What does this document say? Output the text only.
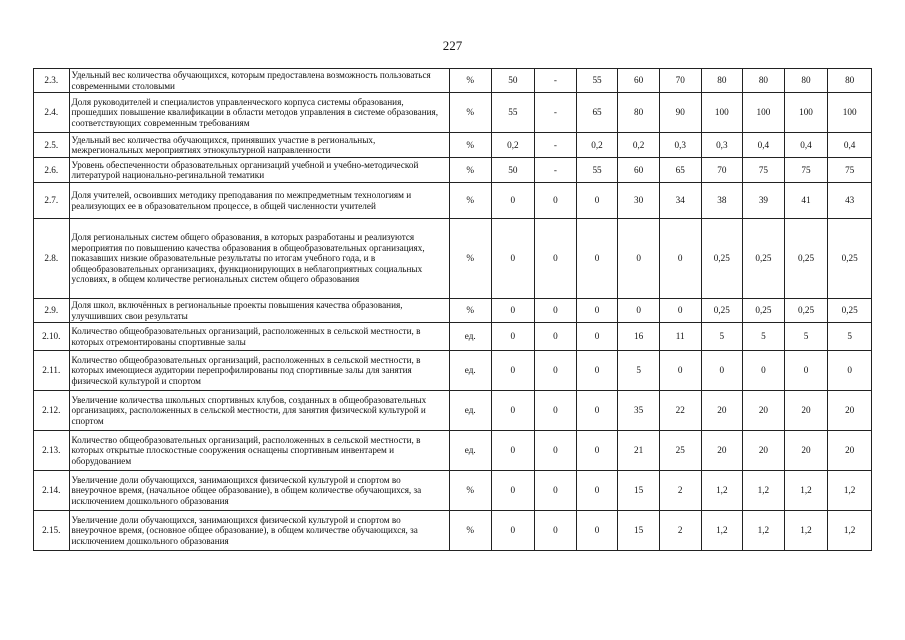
227
2.3.	Удельный вес количества обучающихся, которым предоставлена возможность пользоваться современными столовыми	%	50	-	55	60	70	80	80	80	80
2.4.	Доля руководителей и специалистов управленческого корпуса системы образования, прошедших повышение квалификации в области методов управления в системе образования, соответствующих современным требованиям	%	55	-	65	80	90	100	100	100	100
2.5.	Удельный вес количества обучающихся, принявших участие в региональных, межрегиональных мероприятиях этнокультурной направленности	%	0,2	-	0,2	0,2	0,3	0,3	0,4	0,4	0,4
2.6.	Уровень обеспеченности образовательных организаций учебной и учебно-методической литературой национально-регинальной тематики	%	50	-	55	60	65	70	75	75	75
2.7.	Доля учителей, освоивших методику преподавания по межпредметным технологиям и реализующих ее в образовательном процессе, в общей численности учителей	%	0	0	0	30	34	38	39	41	43
2.8.	Доля региональных систем общего образования, в которых разработаны и реализуются мероприятия по повышению качества образования в общеобразовательных организациях, показавших низкие образовательные результаты по итогам учебного года, и в общеобразовательных организациях, функционирующих в неблагоприятных социальных условиях, в общем количестве региональных систем общего образования	%	0	0	0	0	0	0,25	0,25	0,25	0,25
2.9.	Доля школ, включённых в региональные проекты повышения качества образования, улучшивших свои результаты	%	0	0	0	0	0	0,25	0,25	0,25	0,25
2.10.	Количество общеобразовательных организаций, расположенных в сельской местности, в которых отремонтированы спортивные залы	ед.	0	0	0	16	11	5	5	5	5
2.11.	Количество общеобразовательных организаций, расположенных в сельской местности, в которых имеющиеся аудитории перепрофилированы под спортивные залы для занятия физической культурой и спортом	ед.	0	0	0	5	0	0	0	0	0
2.12.	Увеличение количества школьных спортивных клубов, созданных в общеобразовательных организациях, расположенных в сельской местности, для занятия физической культурой и спортом	ед.	0	0	0	35	22	20	20	20	20
2.13.	Количество общеобразовательных организаций, расположенных в сельской местности, в которых открытые плоскостные сооружения оснащены спортивным инвентарем и оборудованием	ед.	0	0	0	21	25	20	20	20	20
2.14.	Увеличение доли обучающихся, занимающихся физической культурой и спортом во внеурочное время, (начальное общее образование), в общем количестве обучающихся, за исключением дошкольного образования	%	0	0	0	15	2	1,2	1,2	1,2	1,2
2.15.	Увеличение доли обучающихся, занимающихся физической культурой и спортом во внеурочное время, (основное общее образование), в общем количестве обучающихся, за исключением дошкольного образования	%	0	0	0	15	2	1,2	1,2	1,2	1,2
